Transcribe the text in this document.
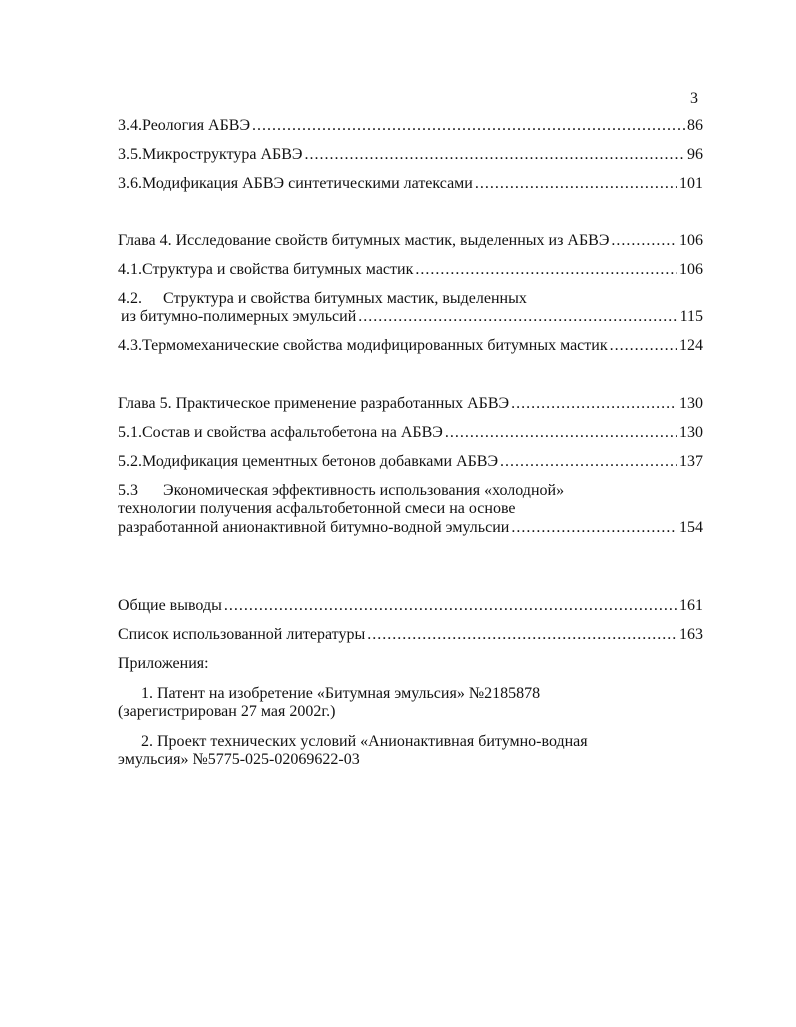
3
3.4. Реология АБВЭ .....	86
3.5. Микроструктура АБВЭ .....	96
3.6. Модификация АБВЭ синтетическими латексами .....	101
Глава 4. Исследование свойств битумных мастик, выделенных из АБВЭ .....	106
4.1. Структура и свойства битумных мастик .....	106
4.2. Структура и свойства битумных мастик, выделенных
из битумно-полимерных эмульсий .....	115
4.3. Термомеханические свойства модифицированных битумных мастик .....	124
Глава 5. Практическое применение разработанных АБВЭ .....	130
5.1. Состав и свойства асфальтобетона на АБВЭ .....	130
5.2. Модификация цементных бетонов добавками АБВЭ .....	137
5.3 Экономическая эффективность использования «холодной»
технологии получения асфальтобетонной смеси на основе
разработанной анионактивной битумно-водной эмульсии .....	154
Общие выводы .....	161
Список использованной литературы .....	163
Приложения:
1. Патент на изобретение «Битумная эмульсия» №2185878
(зарегистрирован 27 мая 2002г.)
2. Проект технических условий «Анионактивная битумно-водная
эмульсия» №5775-025-02069622-03
